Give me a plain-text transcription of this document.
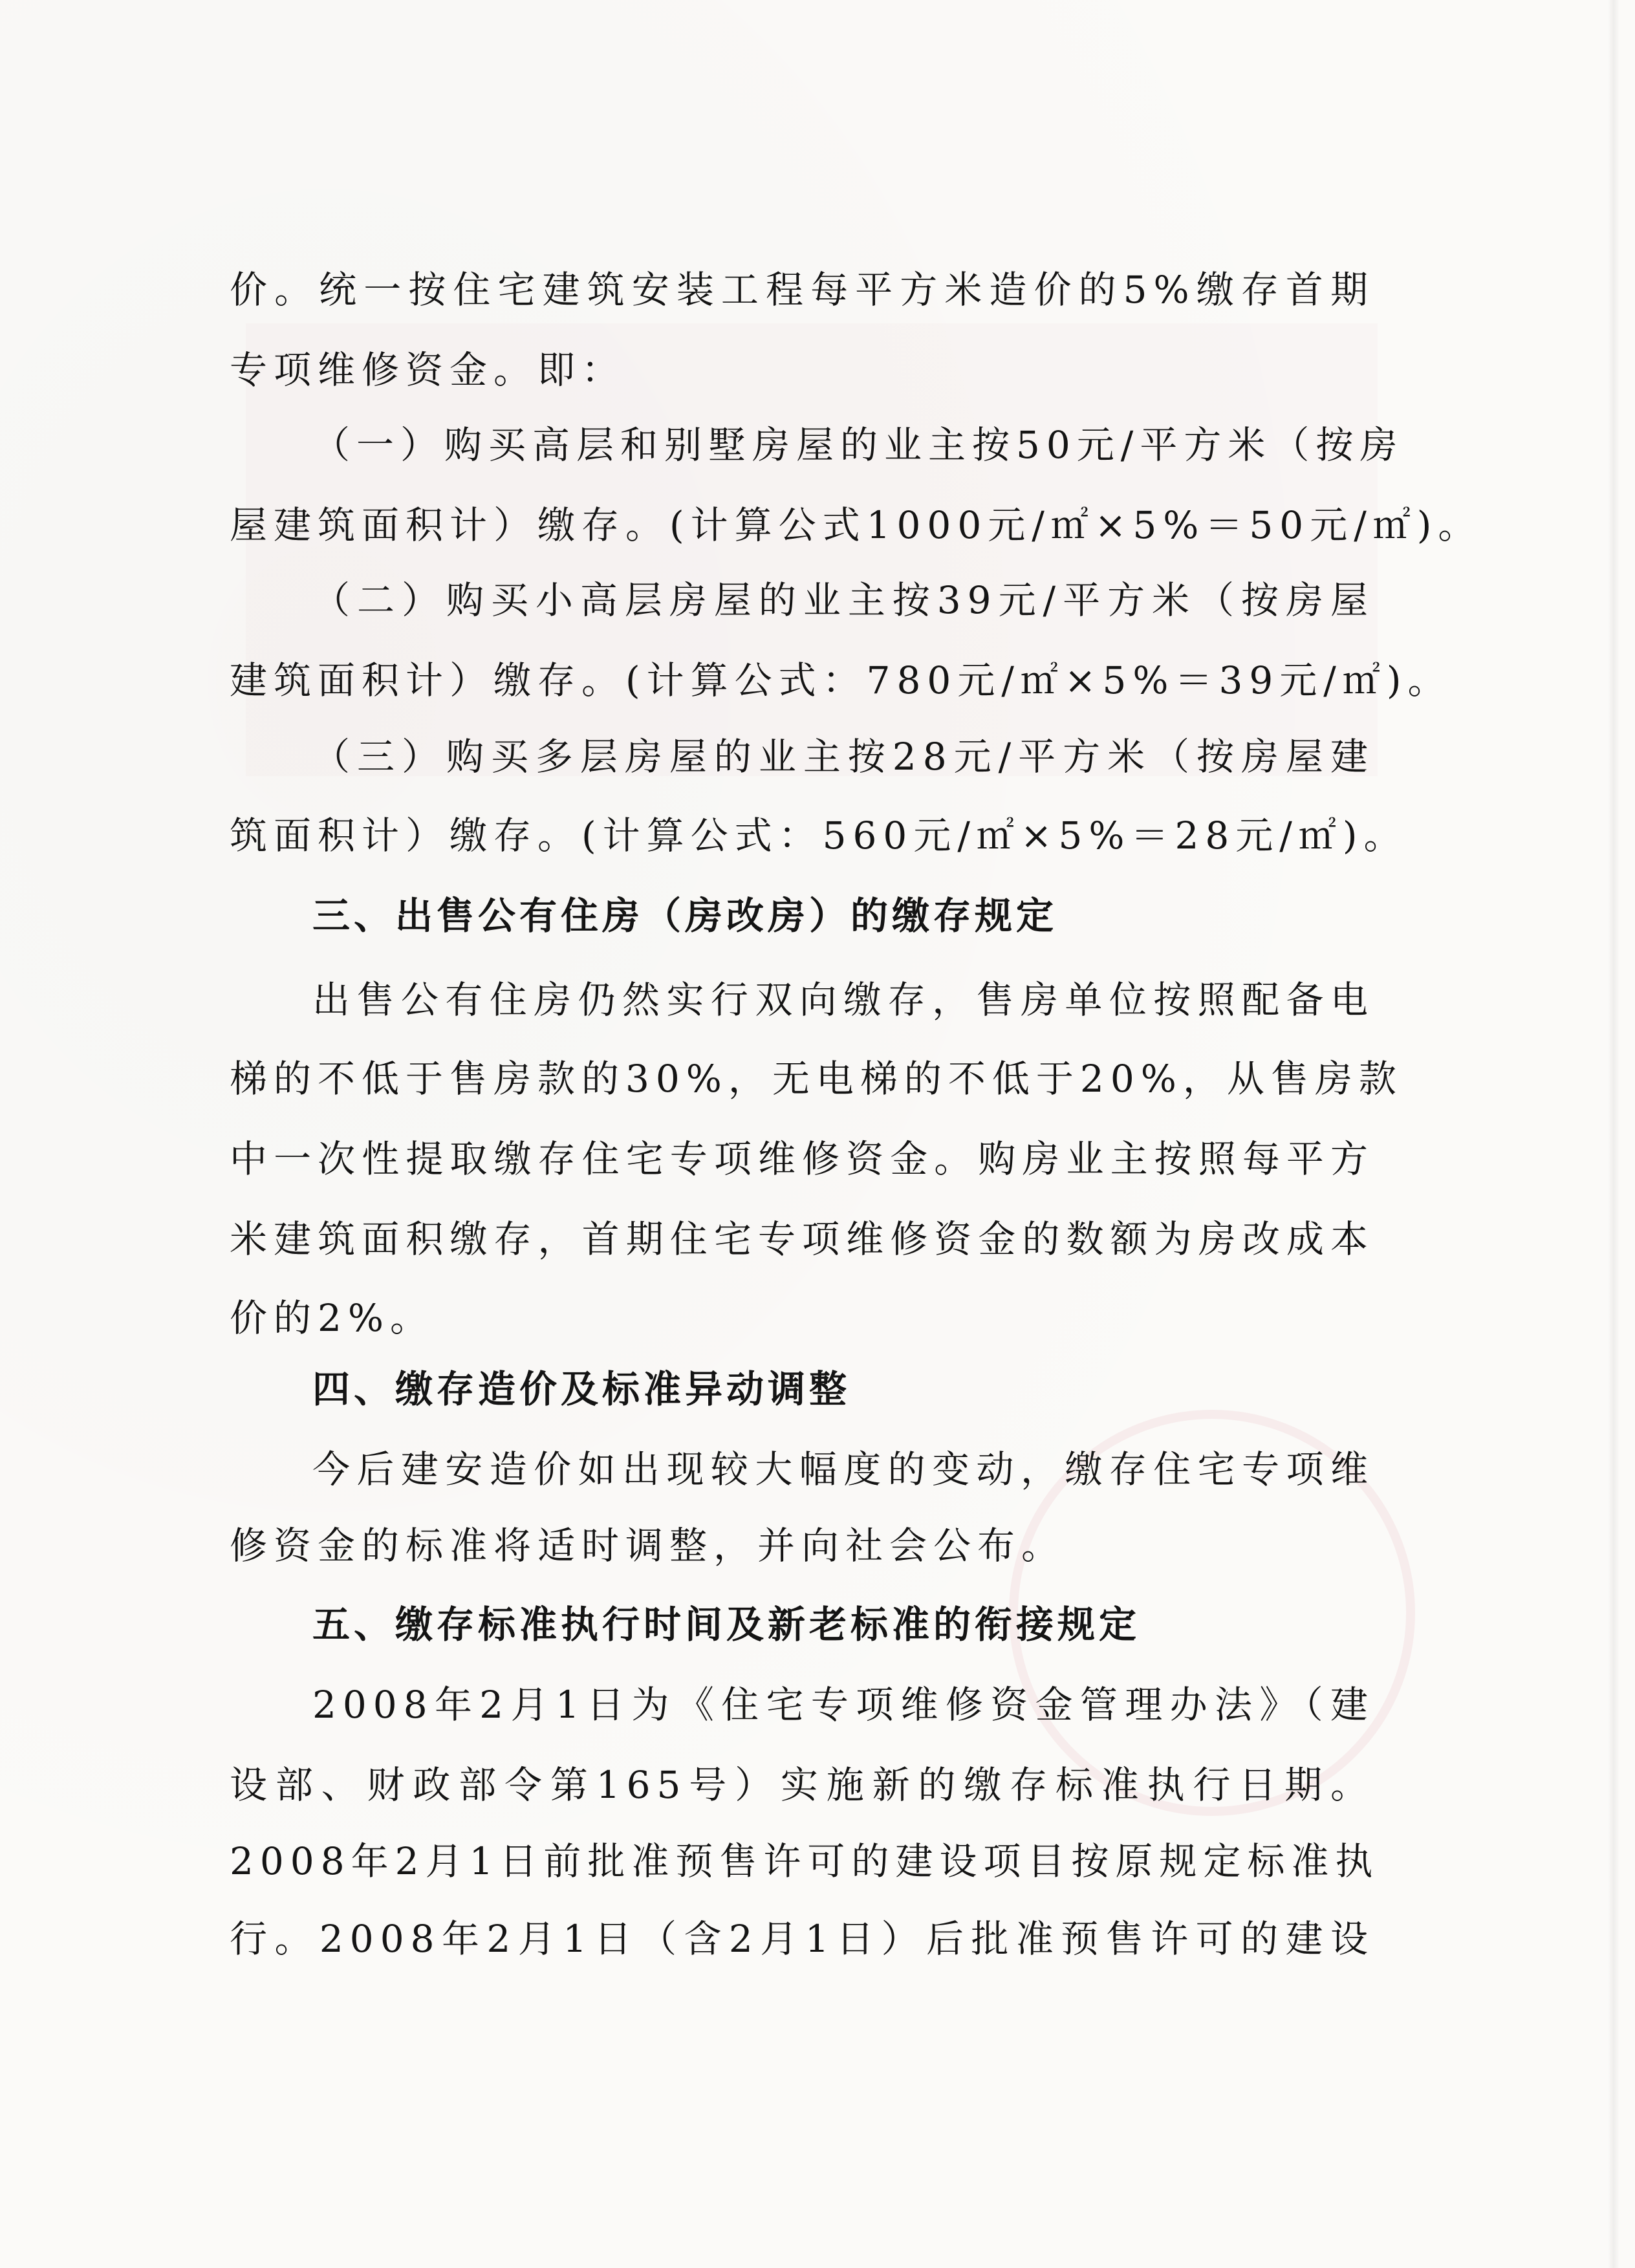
价。统一按住宅建筑安装工程每平方米造价的5%缴存首期
专项维修资金。即：
（一）购买高层和别墅房屋的业主按50元/平方米（按房
屋建筑面积计）缴存。(计算公式1000元/㎡×5%＝50元/㎡)。
（二）购买小高层房屋的业主按39元/平方米（按房屋
建筑面积计）缴存。(计算公式：780元/㎡×5%＝39元/㎡)。
（三）购买多层房屋的业主按28元/平方米（按房屋建
筑面积计）缴存。(计算公式：560元/㎡×5%＝28元/㎡)。
三、出售公有住房（房改房）的缴存规定
出售公有住房仍然实行双向缴存，售房单位按照配备电
梯的不低于售房款的30%，无电梯的不低于20%，从售房款
中一次性提取缴存住宅专项维修资金。购房业主按照每平方
米建筑面积缴存，首期住宅专项维修资金的数额为房改成本
价的2%。
四、缴存造价及标准异动调整
今后建安造价如出现较大幅度的变动，缴存住宅专项维
修资金的标准将适时调整，并向社会公布。
五、缴存标准执行时间及新老标准的衔接规定
2008年2月1日为《住宅专项维修资金管理办法》（建
设部、财政部令第165号）实施新的缴存标准执行日期。
2008年2月1日前批准预售许可的建设项目按原规定标准执
行。2008年2月1日（含2月1日）后批准预售许可的建设
